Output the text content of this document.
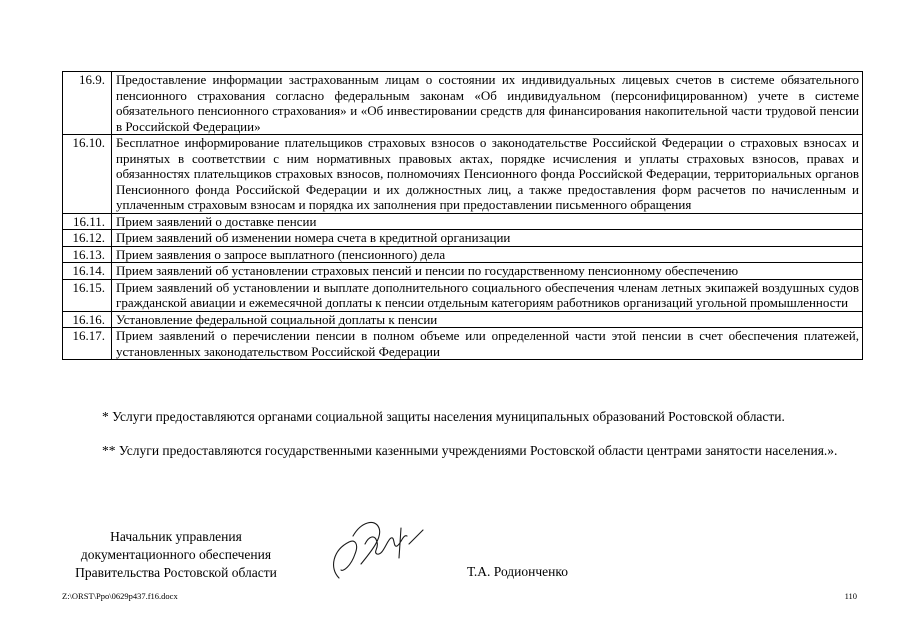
16.9.	Предоставление информации застрахованным лицам о состоянии их индивидуальных лицевых счетов в системе обязательного пенсионного страхования согласно федеральным законам «Об индивидуальном (персонифицированном) учете в системе обязательного пенсионного страхования» и «Об инвестировании средств для финансирования накопительной части трудовой пенсии в Российской Федерации»
16.10.	Бесплатное информирование плательщиков страховых взносов о законодательстве Российской Федерации о страховых взносах и принятых в соответствии с ним нормативных правовых актах, порядке исчисления и уплаты страховых взносов, правах и обязанностях плательщиков страховых взносов, полномочиях Пенсионного фонда Российской Федерации, территориальных органов Пенсионного фонда Российской Федерации и их должностных лиц, а также предоставления форм расчетов по начисленным и уплаченным страховым взносам и порядка их заполнения при предоставлении письменного обращения
16.11.	Прием заявлений о доставке пенсии
16.12.	Прием заявлений об изменении номера счета в кредитной организации
16.13.	Прием заявления о запросе выплатного (пенсионного) дела
16.14.	Прием заявлений об установлении страховых пенсий и пенсии по государственному пенсионному обеспечению
16.15.	Прием заявлений об установлении и выплате дополнительного социального обеспечения членам летных экипажей воздушных судов гражданской авиации и ежемесячной доплаты к пенсии отдельным категориям работников организаций угольной промышленности
16.16.	Установление федеральной социальной доплаты к пенсии
16.17.	Прием заявлений о перечислении пенсии в полном объеме или определенной части этой пенсии в счет обеспечения платежей, установленных законодательством Российской Федерации

* Услуги предоставляются органами социальной защиты населения муниципальных образований Ростовской области.

** Услуги предоставляются государственными казенными учреждениями Ростовской области центрами занятости населения.».

Начальник управления
документационного обеспечения
Правительства Ростовской области	Т.А. Родионченко
Z:\ORST\Ppo\0629p437.f16.docx	110
